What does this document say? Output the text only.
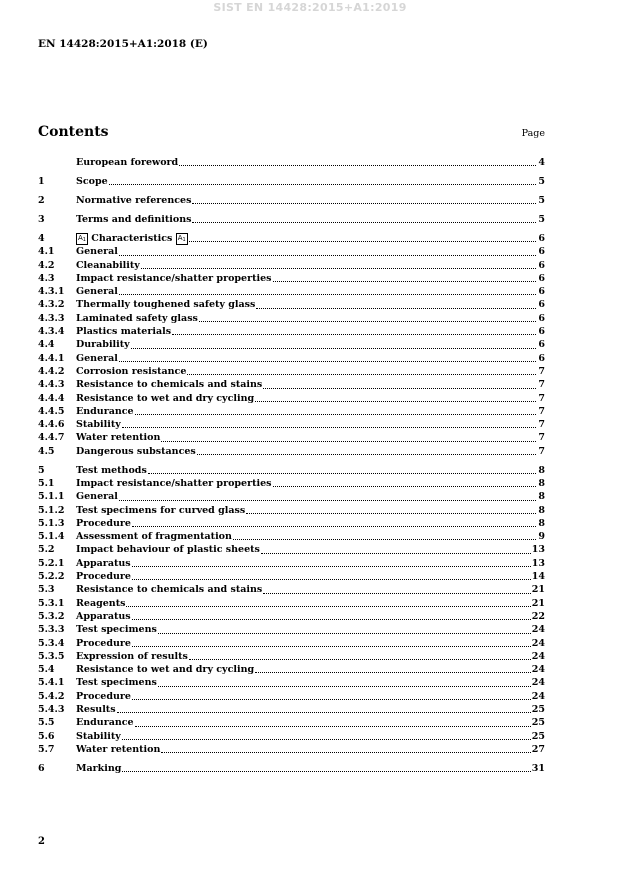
SIST EN 14428:2015+A1:2019
EN 14428:2015+A1:2018 (E)
Contents	Page
European foreword	4
1	Scope	5
2	Normative references	5
3	Terms and definitions	5
4	$A_1$ Characteristics $A_1$	6
4.1	General	6
4.2	Cleanability	6
4.3	Impact resistance/shatter properties	6
4.3.1	General	6
4.3.2	Thermally toughened safety glass	6
4.3.3	Laminated safety glass	6
4.3.4	Plastics materials	6
4.4	Durability	6
4.4.1	General	6
4.4.2	Corrosion resistance	7
4.4.3	Resistance to chemicals and stains	7
4.4.4	Resistance to wet and dry cycling	7
4.4.5	Endurance	7
4.4.6	Stability	7
4.4.7	Water retention	7
4.5	Dangerous substances	7
5	Test methods	8
5.1	Impact resistance/shatter properties	8
5.1.1	General	8
5.1.2	Test specimens for curved glass	8
5.1.3	Procedure	8
5.1.4	Assessment of fragmentation	9
5.2	Impact behaviour of plastic sheets	13
5.2.1	Apparatus	13
5.2.2	Procedure	14
5.3	Resistance to chemicals and stains	21
5.3.1	Reagents	21
5.3.2	Apparatus	22
5.3.3	Test specimens	24
5.3.4	Procedure	24
5.3.5	Expression of results	24
5.4	Resistance to wet and dry cycling	24
5.4.1	Test specimens	24
5.4.2	Procedure	24
5.4.3	Results	25
5.5	Endurance	25
5.6	Stability	25
5.7	Water retention	27
6	Marking	31
2
